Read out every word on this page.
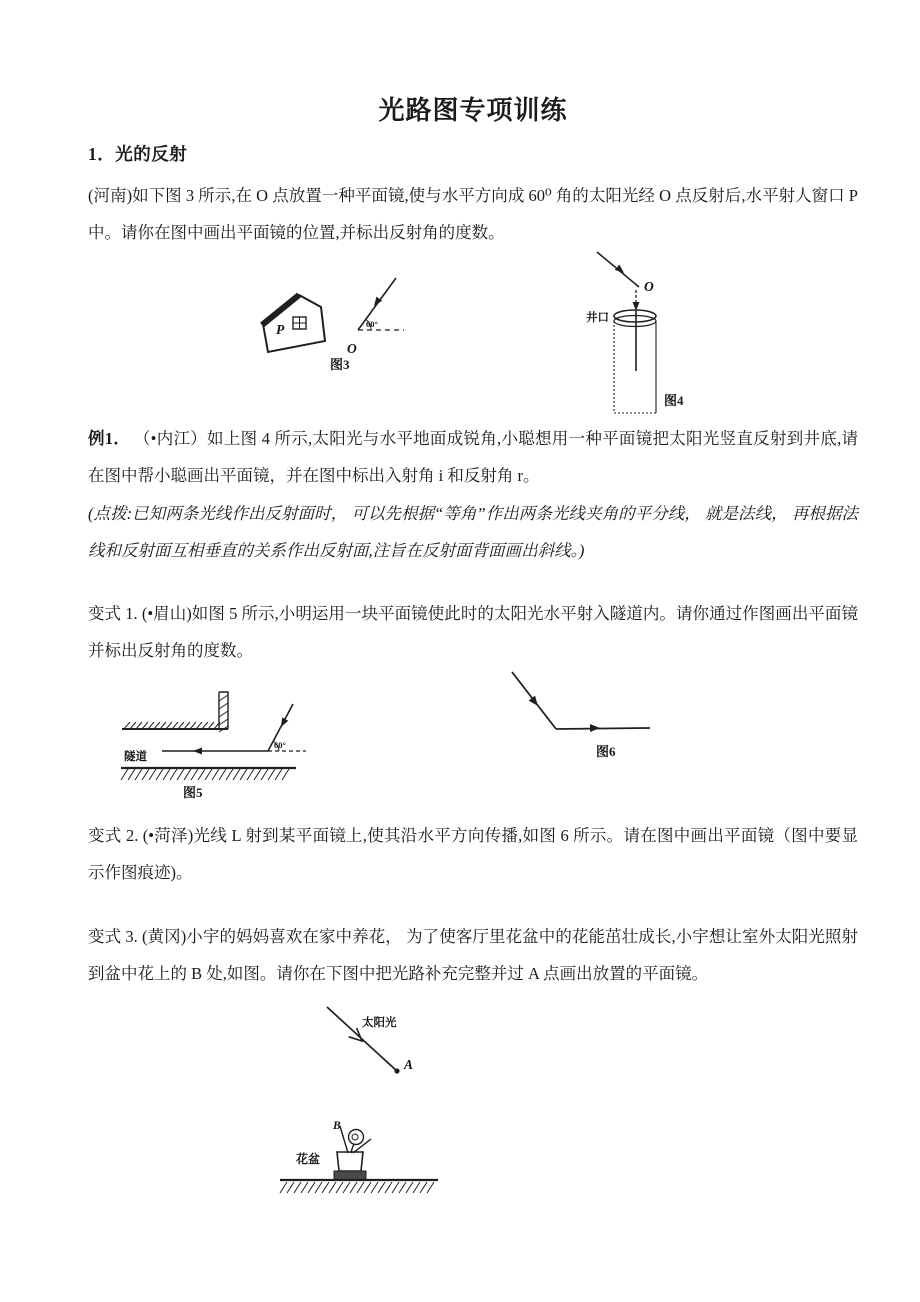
光路图专项训练
1．光的反射

(河南)如下图 3 所示,在 O 点放置一种平面镜,使与水平方向成 60⁰ 角的太阳光经 O 点反射后,水平射人窗口 P 中。请你在图中画出平面镜的位置,并标出反射角的度数。

P	60°
O
图3
O
井口
图4

例1． （•内江）如上图 4 所示,太阳光与水平地面成锐角,小聪想用一种平面镜把太阳光竖直反射到井底,请在图中帮小聪画出平面镜，并在图中标出入射角 i 和反射角 r。

(点拨:已知两条光线作出反射面时， 可以先根据“等角”作出两条光线夹角的平分线， 就是法线， 再根据法线和反射面互相垂直的关系作出反射面,注旨在反射面背面画出斜线。)

变式 1. (•眉山)如图 5 所示,小明运用一块平面镜使此时的太阳光水平射入隧道内。请你通过作图画出平面镜并标出反射角的度数。

60°
隧道
图5
图6

变式 2. (•菏泽)光线 L 射到某平面镜上,使其沿水平方向传播,如图 6 所示。请在图中画出平面镜（图中要显示作图痕迹)。

变式 3. (黄冈)小宇的妈妈喜欢在家中养花， 为了使客厅里花盆中的花能茁壮成长,小宇想让室外太阳光照射到盆中花上的 B 处,如图。请你在下图中把光路补充完整并过 A 点画出放置的平面镜。

太阳光
A
B
花盆
